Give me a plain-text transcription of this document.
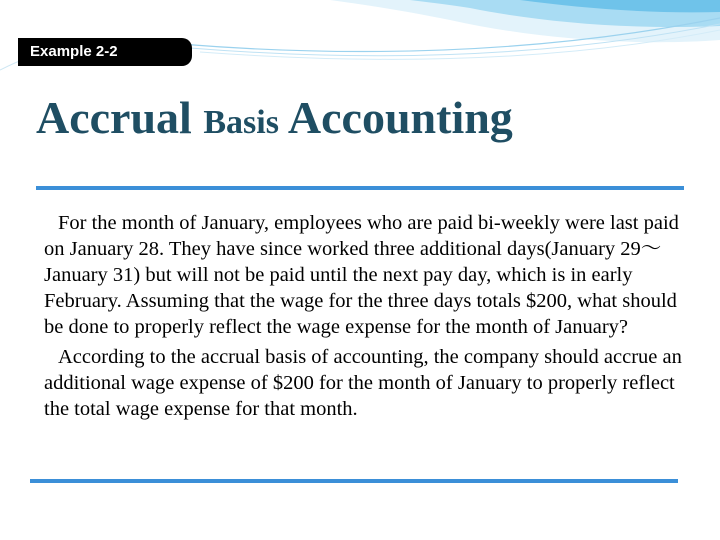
Example 2-2
Accrual Basis Accounting

For the month of January, employees who are paid bi-weekly were last paid on January 28. They have since worked three additional days(January 29～January 31) but will not be paid until the next pay day, which is in early February. Assuming that the wage for the three days totals $200, what should be done to properly reflect the wage expense for the month of January?

According to the accrual basis of accounting, the company should accrue an additional wage expense of $200 for the month of January to properly reflect the total wage expense for that month.
